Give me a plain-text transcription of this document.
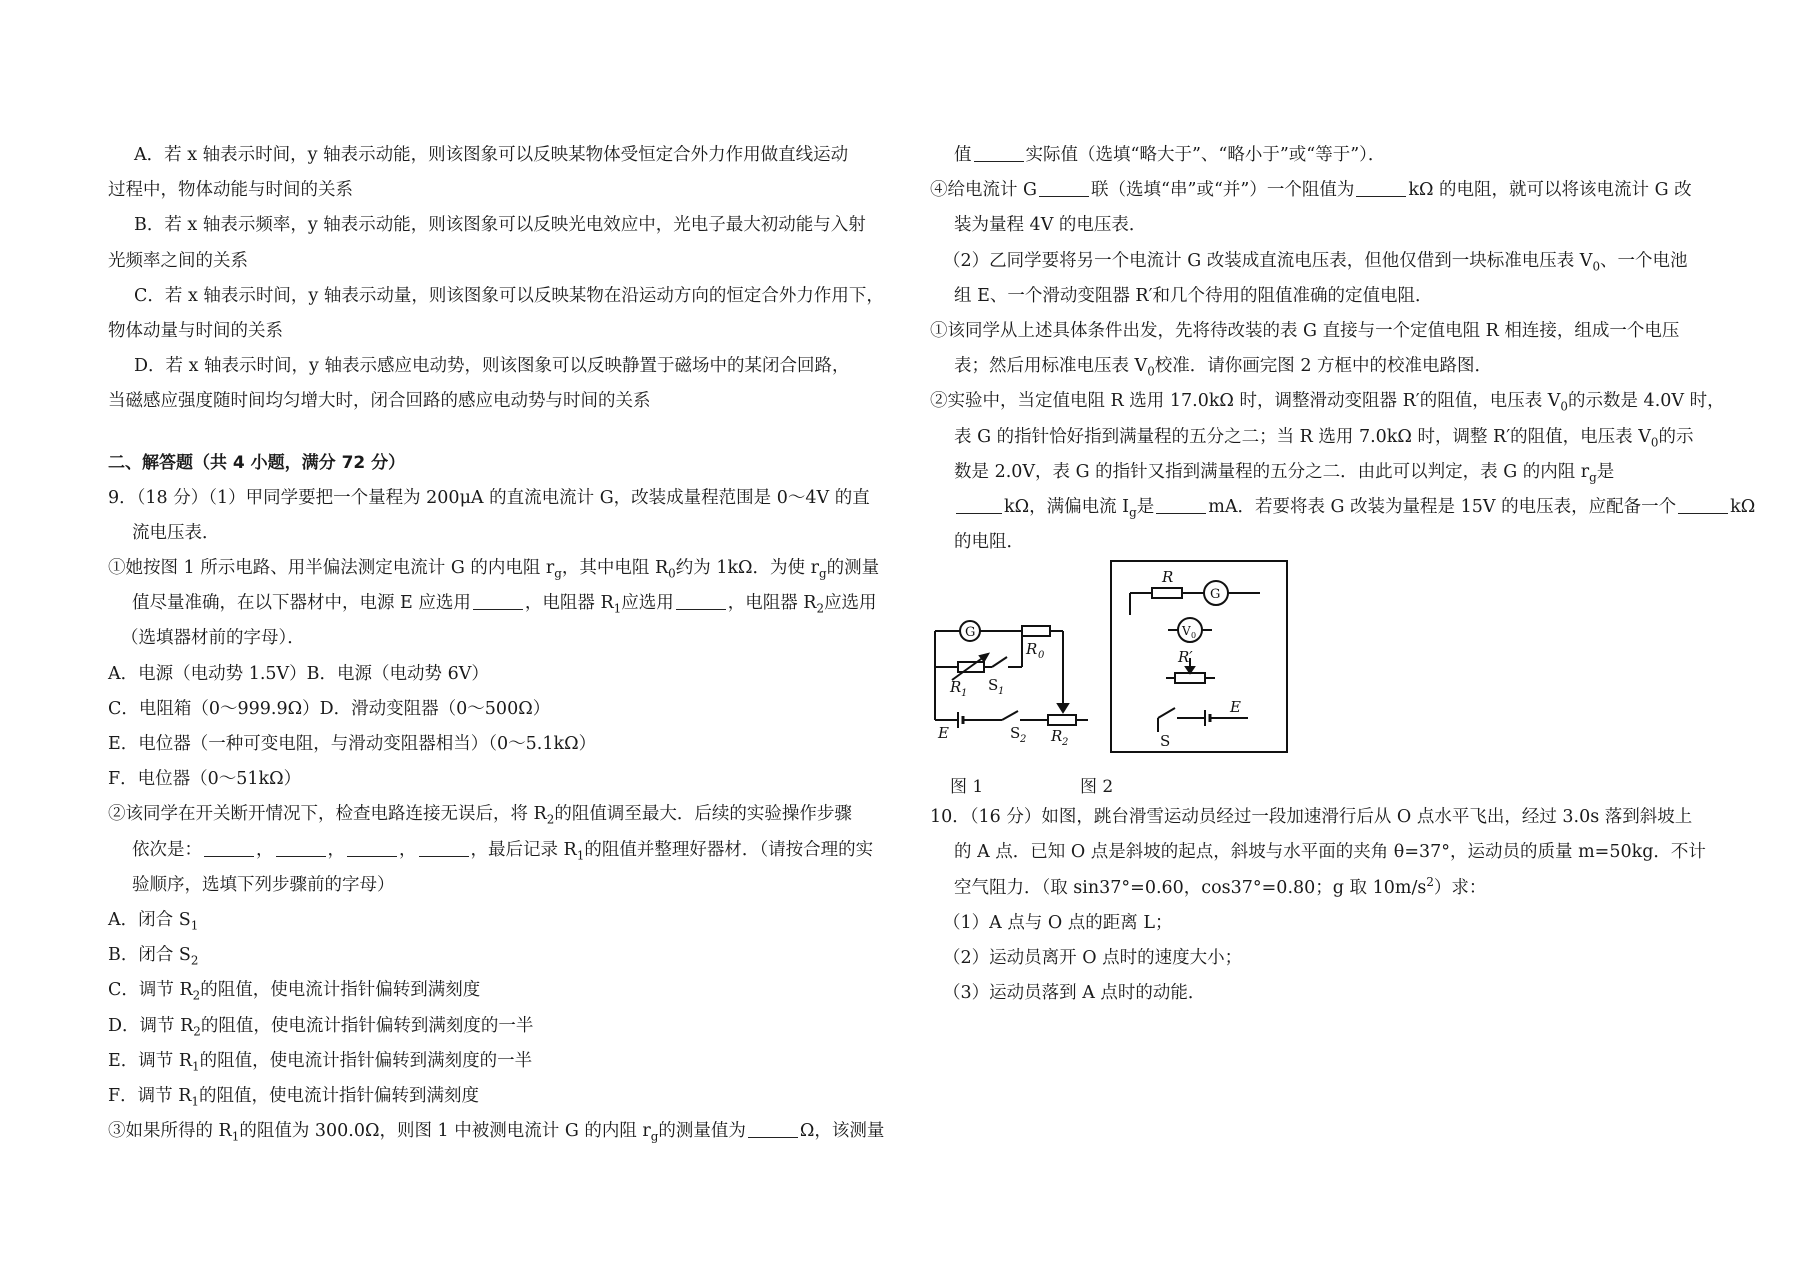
A．若 x 轴表示时间，y 轴表示动能，则该图象可以反映某物体受恒定合外力作用做直线运动
过程中，物体动能与时间的关系
B．若 x 轴表示频率，y 轴表示动能，则该图象可以反映光电效应中，光电子最大初动能与入射
光频率之间的关系
C．若 x 轴表示时间，y 轴表示动量，则该图象可以反映某物在沿运动方向的恒定合外力作用下，
物体动量与时间的关系
D．若 x 轴表示时间，y 轴表示感应电动势，则该图象可以反映静置于磁场中的某闭合回路，
当磁感应强度随时间均匀增大时，闭合回路的感应电动势与时间的关系
二、解答题（共 4 小题，满分 72 分）
9．（18 分）（1）甲同学要把一个量程为 200μA 的直流电流计 G，改装成量程范围是 0～4V 的直
流电压表．
①她按图 1 所示电路、用半偏法测定电流计 G 的内电阻 $r_g$，其中电阻 $R_0$约为 1kΩ．为使 $r_g$的测量
值尽量准确，在以下器材中，电源 E 应选用	，电阻器 $R_1$应选用	，电阻器 $R_2$应选用
（选填器材前的字母）．
A．电源（电动势 1.5V）B．电源（电动势 6V）
C．电阻箱（0～999.9Ω）D．滑动变阻器（0～500Ω）
E．电位器（一种可变电阻，与滑动变阻器相当）（0～5.1kΩ）
F．电位器（0～51kΩ）
②该同学在开关断开情况下，检查电路连接无误后，将 $R_2$的阻值调至最大．后续的实验操作步骤
依次是：	，	，	，	，最后记录 $R_1$的阻值并整理好器材．（请按合理的实
验顺序，选填下列步骤前的字母）
A．闭合 $S_1$
B．闭合 $S_2$
C．调节 $R_2$的阻值，使电流计指针偏转到满刻度
D．调节 $R_2$的阻值，使电流计指针偏转到满刻度的一半
E．调节 $R_1$的阻值，使电流计指针偏转到满刻度的一半
F．调节 $R_1$的阻值，使电流计指针偏转到满刻度
③如果所得的 $R_1$的阻值为 300.0Ω，则图 1 中被测电流计 G 的内阻 $r_g$的测量值为	Ω，该测量
值	实际值（选填“略大于”、“略小于”或“等于”）．
④给电流计 G	联（选填“串”或“并”）一个阻值为	kΩ 的电阻，就可以将该电流计 G 改
装为量程 4V 的电压表．
（2）乙同学要将另一个电流计 G 改装成直流电压表，但他仅借到一块标准电压表 $V_0$、一个电池
组 E、一个滑动变阻器 R′和几个待用的阻值准确的定值电阻．
①该同学从上述具体条件出发，先将待改装的表 G 直接与一个定值电阻 R 相连接，组成一个电压
表；然后用标准电压表 $V_0$校准．请你画完图 2 方框中的校准电路图．
②实验中，当定值电阻 R 选用 17.0kΩ 时，调整滑动变阻器 R′的阻值，电压表 $V_0$的示数是 4.0V 时，
表 G 的指针恰好指到满量程的五分之二；当 R 选用 7.0kΩ 时，调整 R′的阻值，电压表 $V_0$的示
数是 2.0V，表 G 的指针又指到满量程的五分之二．由此可以判定，表 G 的内阻 $r_g$是
kΩ，满偏电流 $I_g$是	mA．若要将表 G 改装为量程是 15V 的电压表，应配备一个	kΩ
的电阻．
G
R 0
R 1 S 1
E	S 2 R 2
R
G
V 0
R′
S
E
图 1	图 2
10．（16 分）如图，跳台滑雪运动员经过一段加速滑行后从 O 点水平飞出，经过 3.0s 落到斜坡上
的 A 点．已知 O 点是斜坡的起点，斜坡与水平面的夹角 θ=37°，运动员的质量 m=50kg．不计
空气阻力．（取 sin37°=0.60，cos37°=0.80；g 取 $10m/s^2$）求：
（1）A 点与 O 点的距离 L；
（2）运动员离开 O 点时的速度大小；
（3）运动员落到 A 点时的动能．
